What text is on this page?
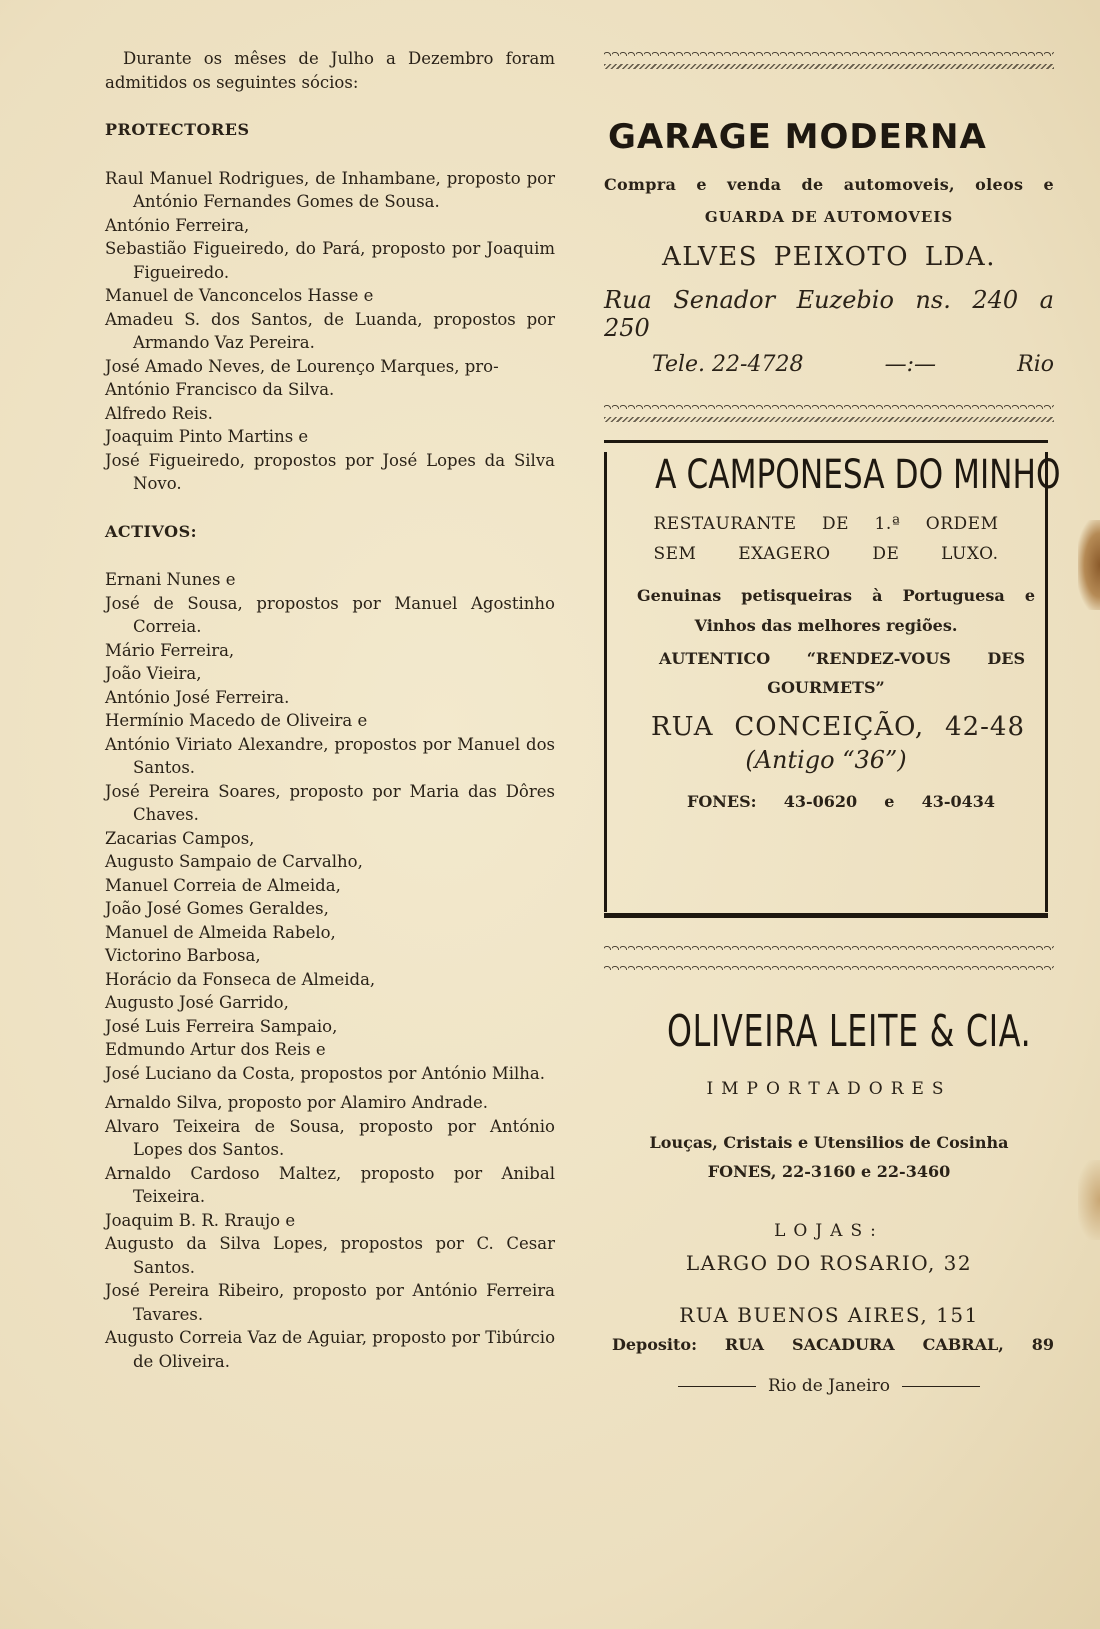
Durante os mêses de Julho a Dezembro foram admitidos os seguintes sócios:

PROTECTORES

Raul Manuel Rodrigues, de Inhambane, proposto por António Fernandes Gomes de Sousa.

António Ferreira,

Sebastião Figueiredo, do Pará, proposto por Joaquim Figueiredo.

Manuel de Vanconcelos Hasse e

Amadeu S. dos Santos, de Luanda, propostos por Armando Vaz Pereira.

José Amado Neves, de Lourenço Marques, pro-

António Francisco da Silva.

Alfredo Reis.

Joaquim Pinto Martins e

José Figueiredo, propostos por José Lopes da Silva Novo.

ACTIVOS:

Ernani Nunes e

José de Sousa, propostos por Manuel Agostinho Correia.

Mário Ferreira,

João Vieira,

António José Ferreira.

Hermínio Macedo de Oliveira e

António Viriato Alexandre, propostos por Manuel dos Santos.

José Pereira Soares, proposto por Maria das Dôres Chaves.

Zacarias Campos,

Augusto Sampaio de Carvalho,

Manuel Correia de Almeida,

João José Gomes Geraldes,

Manuel de Almeida Rabelo,

Victorino Barbosa,

Horácio da Fonseca de Almeida,

Augusto José Garrido,

José Luis Ferreira Sampaio,

Edmundo Artur dos Reis e

José Luciano da Costa, propostos por António Milha.

Arnaldo Silva, proposto por Alamiro Andrade.

Alvaro Teixeira de Sousa, proposto por António Lopes dos Santos.

Arnaldo Cardoso Maltez, proposto por Anibal Teixeira.

Joaquim B. R. Rraujo e

Augusto da Silva Lopes, propostos por C. Cesar Santos.

José Pereira Ribeiro, proposto por António Ferreira Tavares.

Augusto Correia Vaz de Aguiar, proposto por Tibúrcio de Oliveira.

GARAGE MODERNA
Compra e venda de automoveis, oleos e
GUARDA DE AUTOMOVEIS
ALVES PEIXOTO LDA.
Rua Senador Euzebio ns. 240 a 250
Tele. 22-4728	—:—	Rio
A CAMPONESA DO MINHO
RESTAURANTE DE 1.ª ORDEM
SEM EXAGERO DE LUXO.
Genuinas petisqueiras à Portuguesa e
Vinhos das melhores regiões.
AUTENTICO “RENDEZ-VOUS DES
GOURMETS”
RUA CONCEIÇÃO, 42-48
(Antigo “36”)
FONES: 43-0620 e 43-0434
OLIVEIRA LEITE & CIA.
IMPORTADORES
Louças, Cristais e Utensilios de Cosinha
FONES, 22-3160 e 22-3460
LOJAS:
LARGO DO ROSARIO, 32
RUA BUENOS AIRES, 151
Deposito: RUA SACADURA CABRAL, 89
Rio de Janeiro
